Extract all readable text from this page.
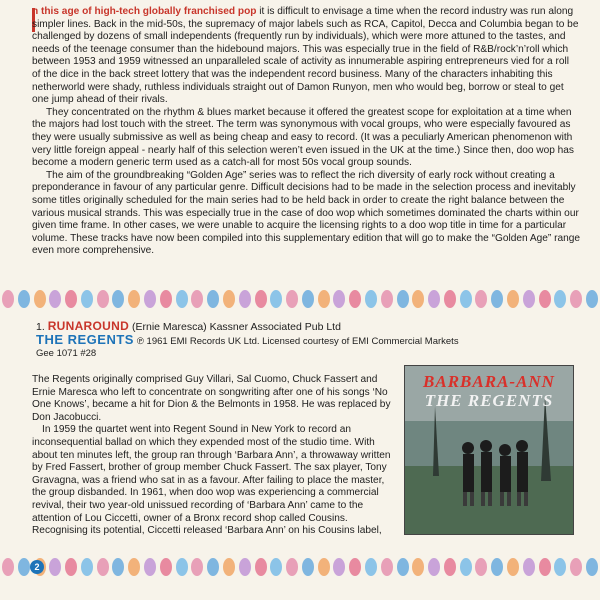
n this age of high-tech globally franchised pop it is difficult to envisage a time when the record industry was run along simpler lines. Back in the mid-50s, the supremacy of major labels such as RCA, Capitol, Decca and Columbia began to be challenged by dozens of small independents (frequently run by individuals), which were more attuned to the tastes, and needs of the teenage consumer than the hidebound majors. This was especially true in the field of R&B/rock’n’roll which between 1953 and 1959 witnessed an unparalleled scale of activity as innumerable aspiring entrepreneurs vied for a roll of the dice in the back street lottery that was the independent record business. Many of the characters inhabiting this netherworld were shady, ruthless individuals straight out of Damon Runyon, men who would beg, borrow or steal to get one jump ahead of their rivals.

They concentrated on the rhythm & blues market because it offered the greatest scope for exploitation at a time when the majors had lost touch with the street. The term was synonymous with vocal groups, who were especially favoured as they were usually submissive as well as being cheap and easy to record. (It was a peculiarly American phenomenon with very little foreign appeal - nearly half of this selection weren’t even issued in the UK at the time.) Since then, doo wop has become a modern generic term used as a catch-all for most 50s vocal group sounds.

The aim of the groundbreaking “Golden Age” series was to reflect the rich diversity of early rock without creating a preponderance in favour of any particular genre. Difficult decisions had to be made in the selection process and inevitably some titles originally scheduled for the main series had to be held back in order to create the right balance between the various musical strands. This was especially true in the case of doo wop which sometimes dominated the charts within our given time frame. In other cases, we were unable to acquire the licensing rights to a doo wop title in time for a particular volume. These tracks have now been compiled into this supplementary edition that will go to make the “Golden Age” range even more comprehensive.

1. RUNAROUND (Ernie Maresca) Kassner Associated Pub Ltd
THE REGENTS ℗ 1961 EMI Records UK Ltd. Licensed courtesy of EMI Commercial Markets
Gee 1071 #28
BARBARA-ANN
THE REGENTS

The Regents originally comprised Guy Villari, Sal Cuomo, Chuck Fassert and Ernie Maresca who left to concentrate on songwriting after one of his songs ‘No One Knows’, became a hit for Dion & the Belmonts in 1958. He was replaced by Don Jacobucci.

In 1959 the quartet went into Regent Sound in New York to record an inconsequential ballad on which they expended most of the studio time. With about ten minutes left, the group ran through ‘Barbara Ann’, a throwaway written by Fred Fassert, brother of group member Chuck Fassert. The sax player, Tony Gravagna, was a friend who sat in as a favour. After failing to place the master, the group disbanded. In 1961, when doo wop was experiencing a commercial revival, their two year-old unissued recording of ‘Barbara Ann’ came to the attention of Lou Ciccetti, owner of a Bronx record shop called Cousins. Recognising its potential, Ciccetti released ‘Barbara Ann’ on his Cousins label,

2
